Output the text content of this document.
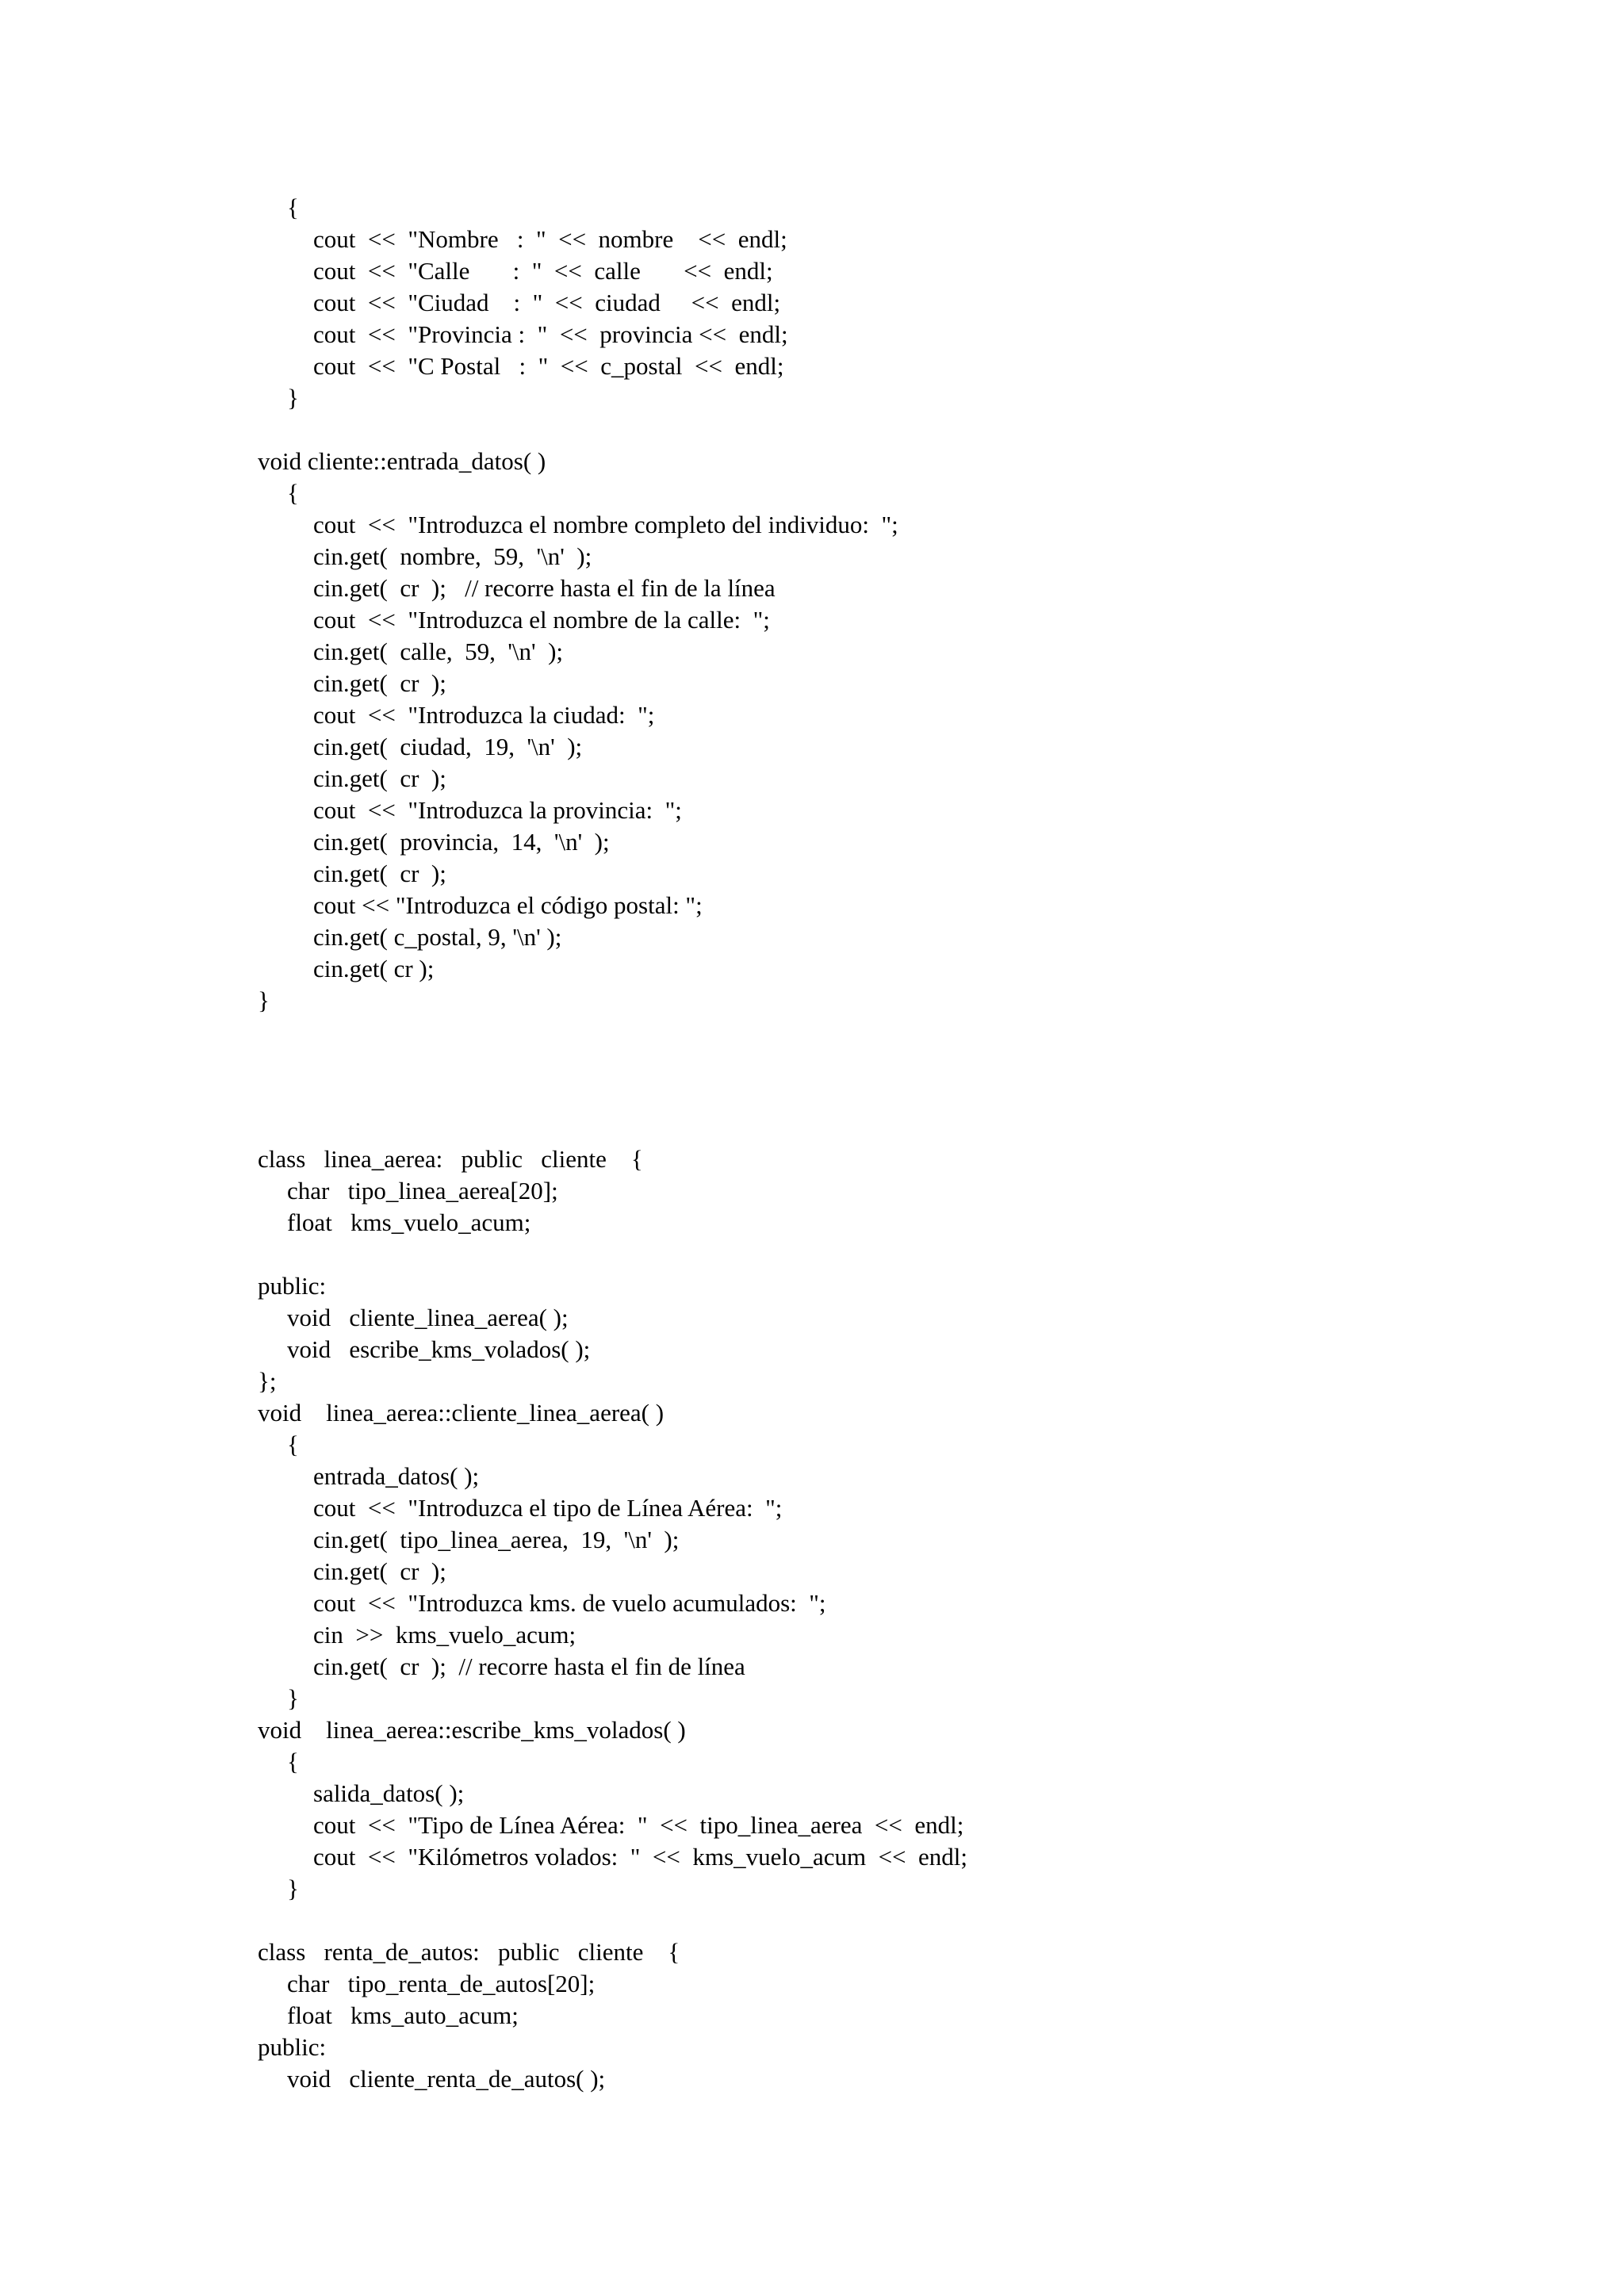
{
cout  <<  "Nombre   :  "  <<  nombre    <<  endl;
cout  <<  "Calle       :  "  <<  calle       <<  endl;
cout  <<  "Ciudad    :  "  <<  ciudad     <<  endl;
cout  <<  "Provincia :  "  <<  provincia <<  endl;
cout  <<  "C Postal   :  "  <<  c_postal  <<  endl;
}
void cliente::entrada_datos( )
{
cout  <<  "Introduzca el nombre completo del individuo:  ";
cin.get(  nombre,  59,  '\n'  );
cin.get(  cr  );   // recorre hasta el fin de la línea
cout  <<  "Introduzca el nombre de la calle:  ";
cin.get(  calle,  59,  '\n'  );
cin.get(  cr  );
cout  <<  "Introduzca la ciudad:  ";
cin.get(  ciudad,  19,  '\n'  );
cin.get(  cr  );
cout  <<  "Introduzca la provincia:  ";
cin.get(  provincia,  14,  '\n'  );
cin.get(  cr  );
cout << "Introduzca el código postal: ";
cin.get( c_postal, 9, '\n' );
cin.get( cr );
}
class   linea_aerea:   public   cliente    {
char   tipo_linea_aerea[20];
float   kms_vuelo_acum;
public:
void   cliente_linea_aerea( );
void   escribe_kms_volados( );
};
void    linea_aerea::cliente_linea_aerea( )
{
entrada_datos( );
cout  <<  "Introduzca el tipo de Línea Aérea:  ";
cin.get(  tipo_linea_aerea,  19,  '\n'  );
cin.get(  cr  );
cout  <<  "Introduzca kms. de vuelo acumulados:  ";
cin  >>  kms_vuelo_acum;
cin.get(  cr  );  // recorre hasta el fin de línea
}
void    linea_aerea::escribe_kms_volados( )
{
salida_datos( );
cout  <<  "Tipo de Línea Aérea:  "  <<  tipo_linea_aerea  <<  endl;
cout  <<  "Kilómetros volados:  "  <<  kms_vuelo_acum  <<  endl;
}
class   renta_de_autos:   public   cliente    {
char   tipo_renta_de_autos[20];
float   kms_auto_acum;
public:
void   cliente_renta_de_autos( );
